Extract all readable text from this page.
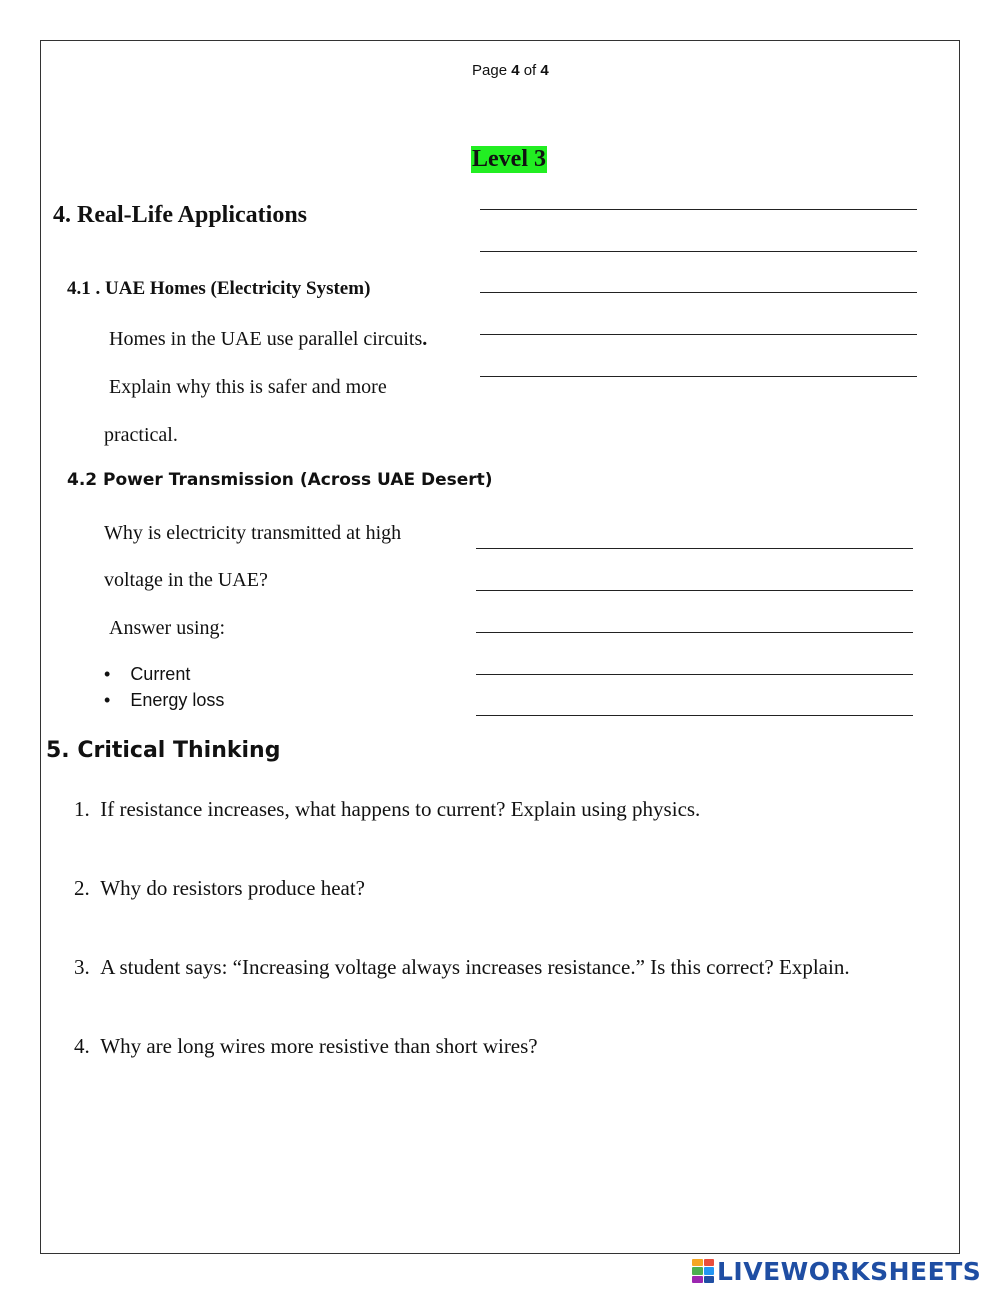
Page 4 of 4
Level 3
4. Real-Life Applications
4.1 . UAE Homes (Electricity System)
Homes in the UAE use parallel circuits.
Explain why this is safer and more
practical.
4.2 Power Transmission (Across UAE Desert)
Why is electricity transmitted at high
voltage in the UAE?
Answer using:
•    Current
•    Energy loss
5. Critical Thinking
1. If resistance increases, what happens to current? Explain using physics.
2. Why do resistors produce heat?
3. A student says: “Increasing voltage always increases resistance.” Is this correct? Explain.
4. Why are long wires more resistive than short wires?
LIVEWORKSHEETS
